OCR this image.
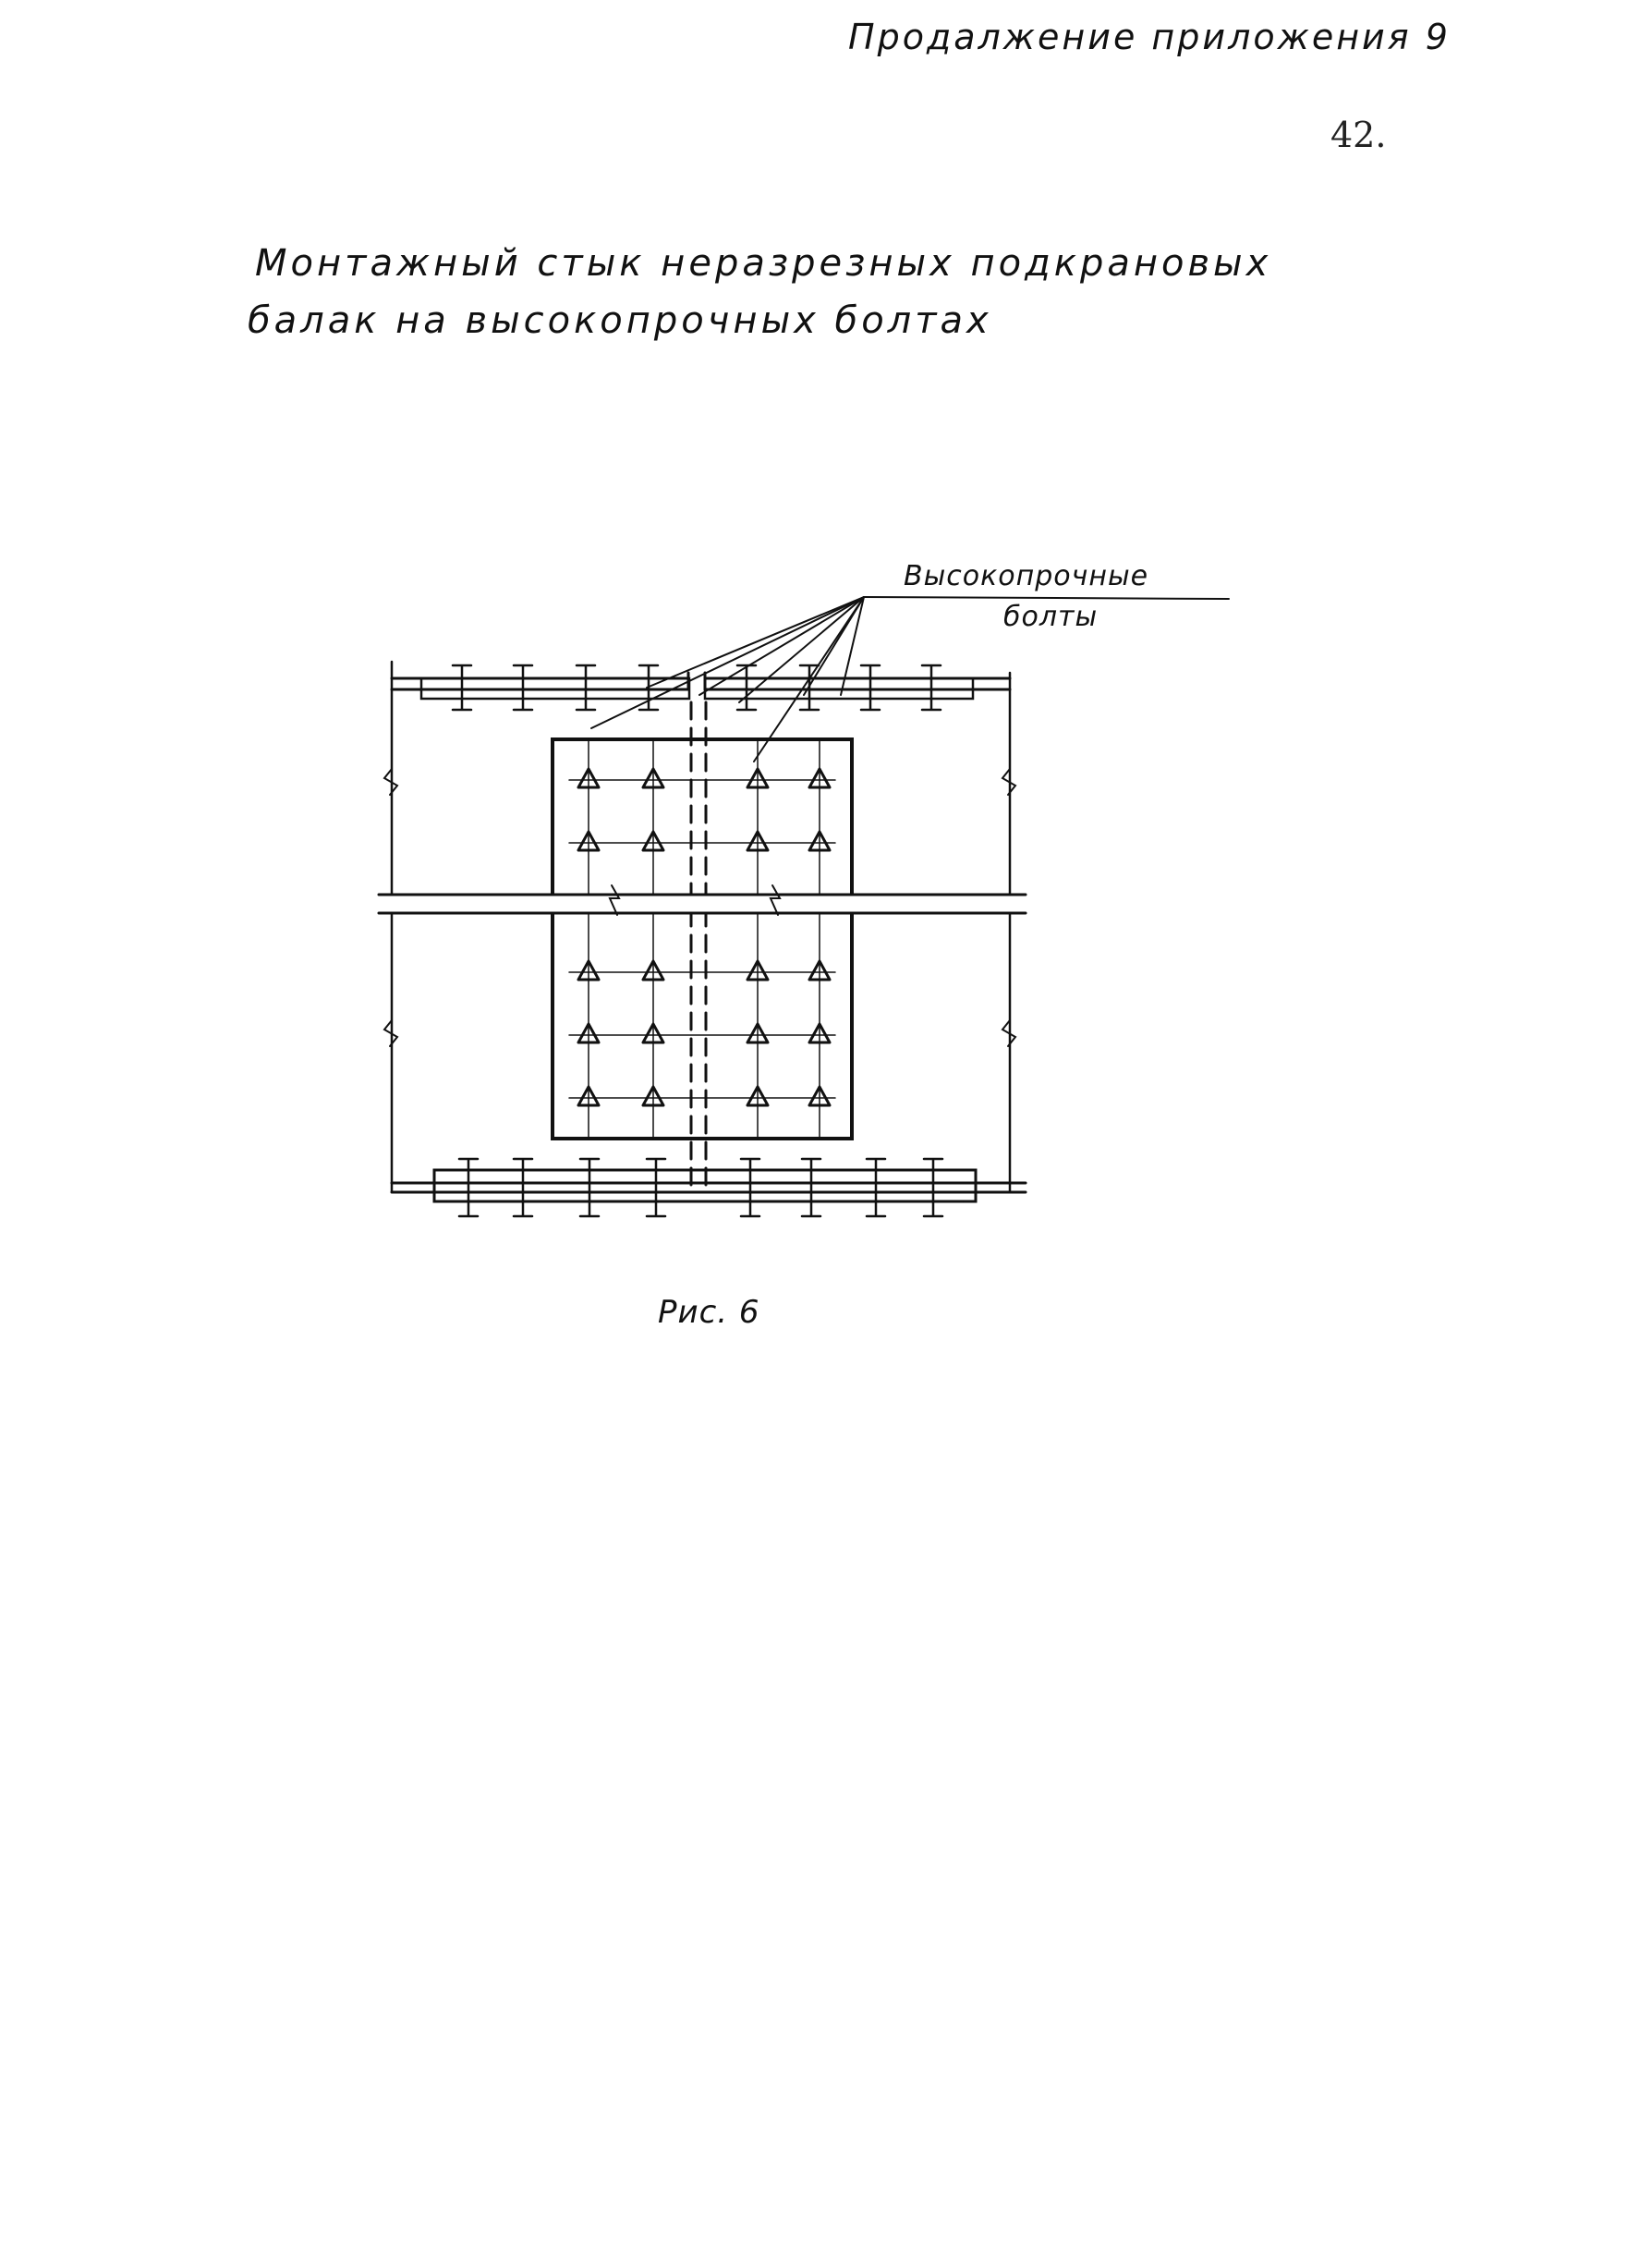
Продалжение приложения 9
42.
Монтажный стык неразрезных подкрановых
балак на высокопрочных болтах
Высокопрочные
болты
Рис. 6
